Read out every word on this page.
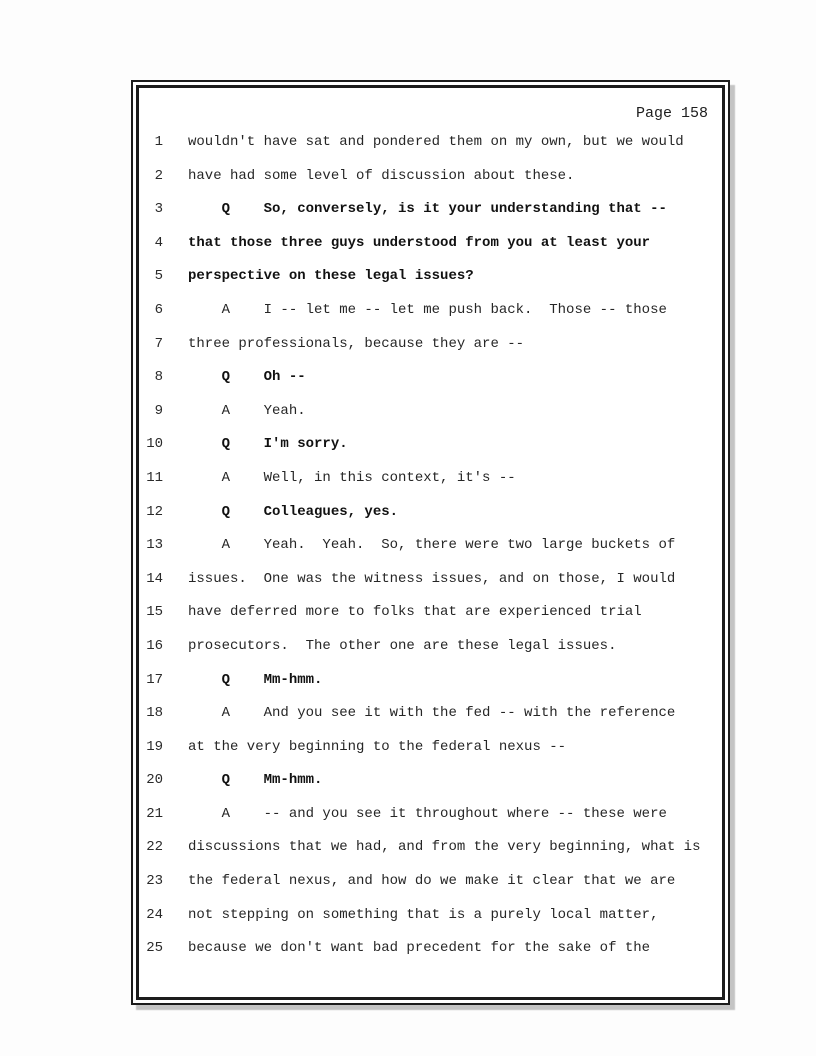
Page 158
1 wouldn't have sat and pondered them on my own, but we would
2 have had some level of discussion about these.
3 Q    So, conversely, is it your understanding that --
4 that those three guys understood from you at least your
5 perspective on these legal issues?
6 A    I -- let me -- let me push back.  Those -- those
7 three professionals, because they are --
8 Q    Oh --
9 A    Yeah.
10 Q    I'm sorry.
11 A    Well, in this context, it's --
12 Q    Colleagues, yes.
13 A    Yeah.  Yeah.  So, there were two large buckets of
14 issues.  One was the witness issues, and on those, I would
15 have deferred more to folks that are experienced trial
16 prosecutors.  The other one are these legal issues.
17 Q    Mm-hmm.
18 A    And you see it with the fed -- with the reference
19 at the very beginning to the federal nexus --
20 Q    Mm-hmm.
21 A    -- and you see it throughout where -- these were
22 discussions that we had, and from the very beginning, what is
23 the federal nexus, and how do we make it clear that we are
24 not stepping on something that is a purely local matter,
25 because we don't want bad precedent for the sake of the
